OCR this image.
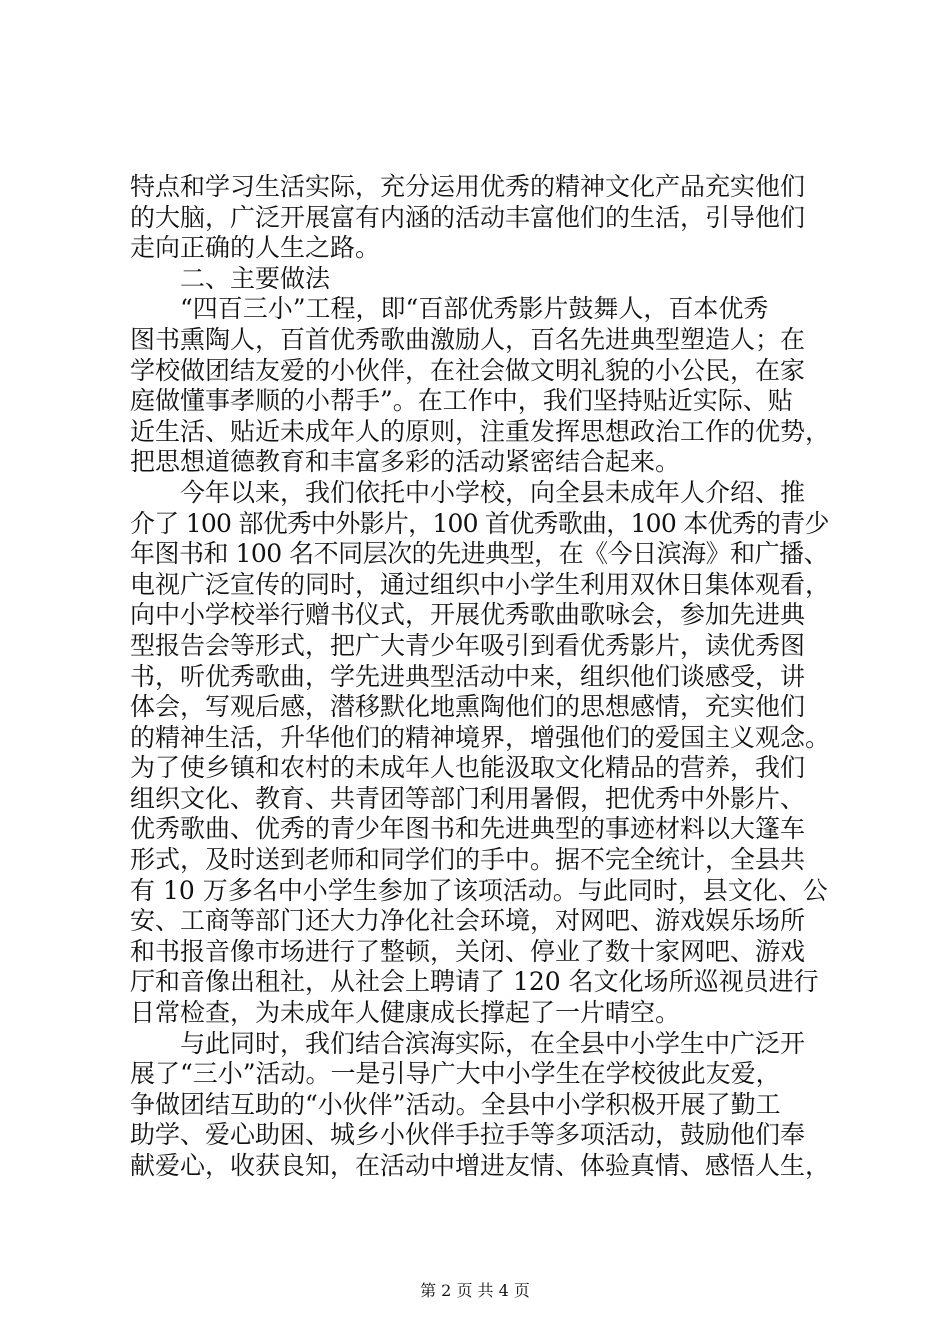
特点和学习生活实际，充分运用优秀的精神文化产品充实他们
的大脑，广泛开展富有内涵的活动丰富他们的生活，引导他们
走向正确的人生之路。
　　二、主要做法
　　“四百三小”工程，即“百部优秀影片鼓舞人，百本优秀
图书熏陶人，百首优秀歌曲激励人，百名先进典型塑造人；在
学校做团结友爱的小伙伴，在社会做文明礼貌的小公民，在家
庭做懂事孝顺的小帮手”。在工作中，我们坚持贴近实际、贴
近生活、贴近未成年人的原则，注重发挥思想政治工作的优势，
把思想道德教育和丰富多彩的活动紧密结合起来。
　　今年以来，我们依托中小学校，向全县未成年人介绍、推
介了 100 部优秀中外影片，100 首优秀歌曲，100 本优秀的青少
年图书和 100 名不同层次的先进典型，在《今日滨海》和广播、
电视广泛宣传的同时，通过组织中小学生利用双休日集体观看，
向中小学校举行赠书仪式，开展优秀歌曲歌咏会，参加先进典
型报告会等形式，把广大青少年吸引到看优秀影片，读优秀图
书，听优秀歌曲，学先进典型活动中来，组织他们谈感受，讲
体会，写观后感，潜移默化地熏陶他们的思想感情，充实他们
的精神生活，升华他们的精神境界，增强他们的爱国主义观念。
为了使乡镇和农村的未成年人也能汲取文化精品的营养，我们
组织文化、教育、共青团等部门利用暑假，把优秀中外影片、
优秀歌曲、优秀的青少年图书和先进典型的事迹材料以大篷车
形式，及时送到老师和同学们的手中。据不完全统计，全县共
有 10 万多名中小学生参加了该项活动。与此同时，县文化、公
安、工商等部门还大力净化社会环境，对网吧、游戏娱乐场所
和书报音像市场进行了整顿，关闭、停业了数十家网吧、游戏
厅和音像出租社，从社会上聘请了 120 名文化场所巡视员进行
日常检查，为未成年人健康成长撑起了一片晴空。
　　与此同时，我们结合滨海实际，在全县中小学生中广泛开
展了“三小”活动。一是引导广大中小学生在学校彼此友爱，
争做团结互助的“小伙伴”活动。全县中小学积极开展了勤工
助学、爱心助困、城乡小伙伴手拉手等多项活动，鼓励他们奉
献爱心，收获良知，在活动中增进友情、体验真情、感悟人生，
第 2 页 共 4 页
